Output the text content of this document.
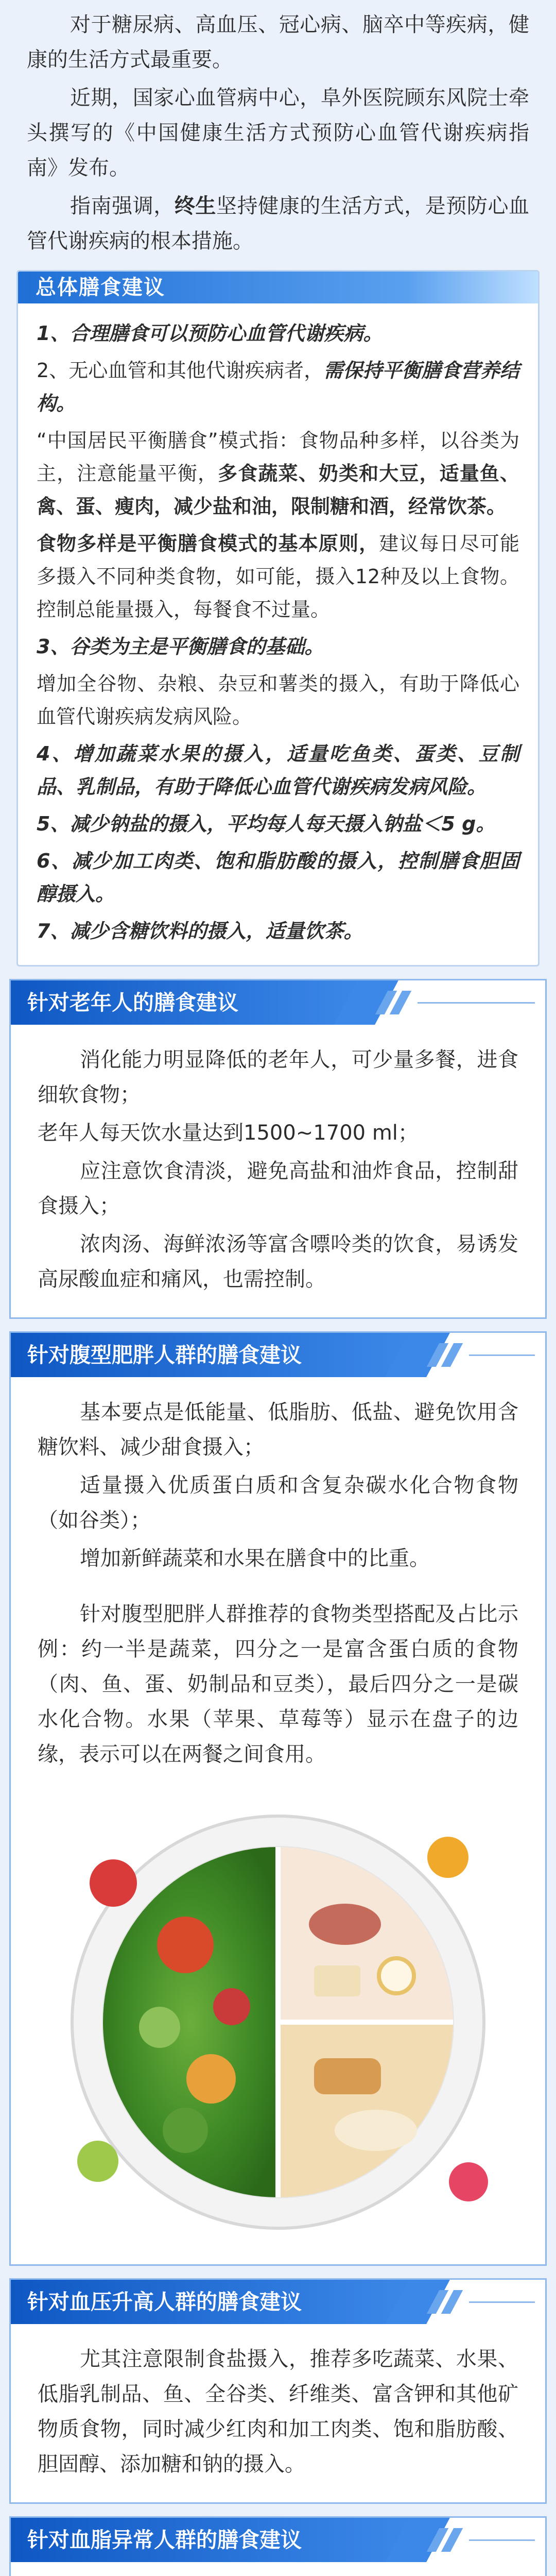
对于糖尿病、高血压、冠心病、脑卒中等疾病，健康的生活方式最重要。

近期，国家心血管病中心，阜外医院顾东风院士牵头撰写的《中国健康生活方式预防心血管代谢疾病指南》发布。

指南强调，终生坚持健康的生活方式，是预防心血管代谢疾病的根本措施。

总体膳食建议

1、合理膳食可以预防心血管代谢疾病。

2、无心血管和其他代谢疾病者，需保持平衡膳食营养结构。

“中国居民平衡膳食”模式指：食物品种多样，以谷类为主，注意能量平衡，多食蔬菜、奶类和大豆，适量鱼、禽、蛋、瘦肉，减少盐和油，限制糖和酒，经常饮茶。

食物多样是平衡膳食模式的基本原则，建议每日尽可能多摄入不同种类食物，如可能，摄入12种及以上食物。控制总能量摄入，每餐食不过量。

3、谷类为主是平衡膳食的基础。

增加全谷物、杂粮、杂豆和薯类的摄入，有助于降低心血管代谢疾病发病风险。

4、增加蔬菜水果的摄入，适量吃鱼类、蛋类、豆制品、乳制品，有助于降低心血管代谢疾病发病风险。

5、减少钠盐的摄入，平均每人每天摄入钠盐＜5 g。

6、减少加工肉类、饱和脂肪酸的摄入，控制膳食胆固醇摄入。

7、减少含糖饮料的摄入，适量饮茶。

针对老年人的膳食建议

消化能力明显降低的老年人，可少量多餐，进食细软食物；

老年人每天饮水量达到1500~1700 ml；

应注意饮食清淡，避免高盐和油炸食品，控制甜食摄入；

浓肉汤、海鲜浓汤等富含嘌呤类的饮食，易诱发高尿酸血症和痛风，也需控制。

针对腹型肥胖人群的膳食建议

基本要点是低能量、低脂肪、低盐、避免饮用含糖饮料、减少甜食摄入；

适量摄入优质蛋白质和含复杂碳水化合物食物（如谷类）；

增加新鲜蔬菜和水果在膳食中的比重。

针对腹型肥胖人群推荐的食物类型搭配及占比示例：约一半是蔬菜，四分之一是富含蛋白质的食物（肉、鱼、蛋、奶制品和豆类），最后四分之一是碳水化合物。水果（苹果、草莓等）显示在盘子的边缘，表示可以在两餐之间食用。

针对血压升高人群的膳食建议

尤其注意限制食盐摄入，推荐多吃蔬菜、水果、低脂乳制品、鱼、全谷类、纤维类、富含钾和其他矿物质食物，同时减少红肉和加工肉类、饱和脂肪酸、胆固醇、添加糖和钠的摄入。

针对血脂异常人群的膳食建议
